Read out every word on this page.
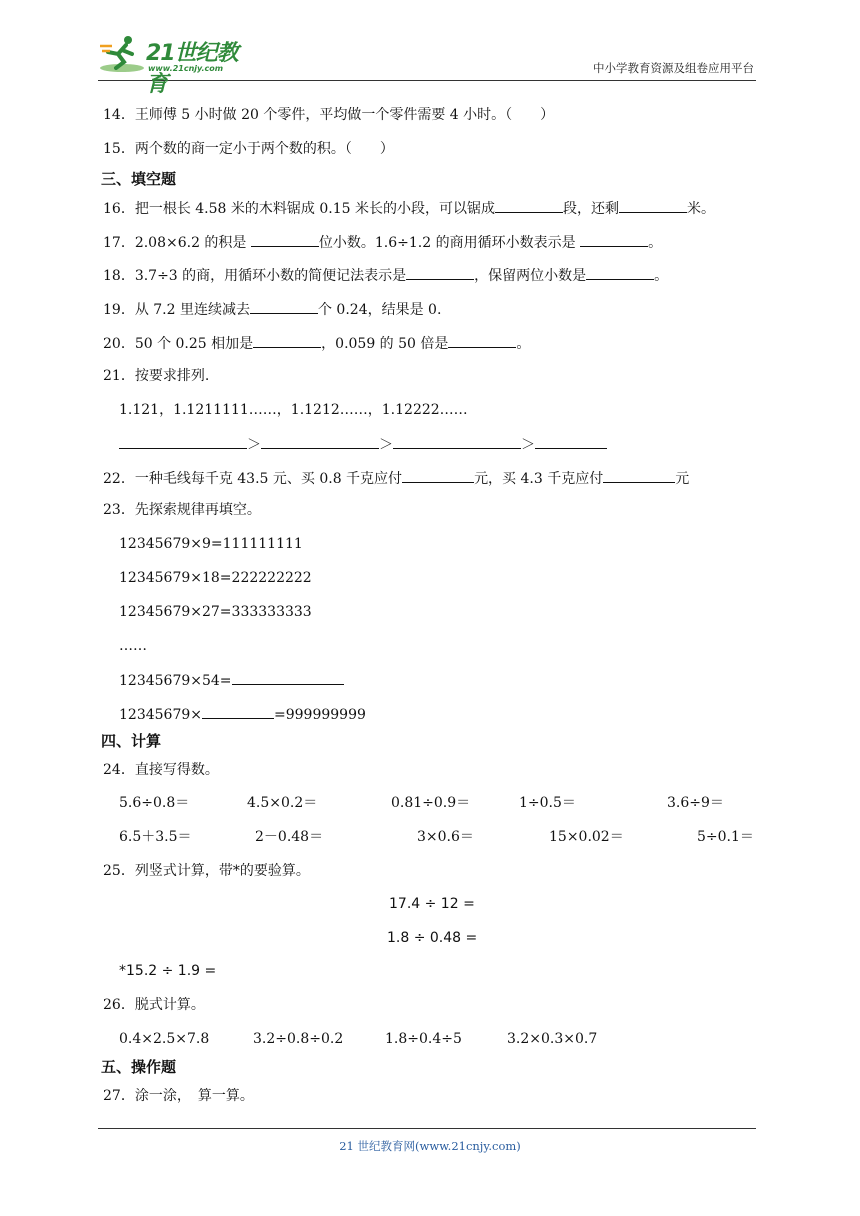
21世纪教育
www.21cnjy.com	中小学教育资源及组卷应用平台
14．王师傅 5 小时做 20 个零件，平均做一个零件需要 4 小时。（　　）
15．两个数的商一定小于两个数的积。（　　）
三、填空题
16．把一根长 4.58 米的木料锯成 0.15 米长的小段，可以锯成	段，还剩	米。
17．2.08×6.2 的积是	位小数。1.6÷1.2 的商用循环小数表示是	。
18．3.7÷3 的商，用循环小数的简便记法表示是	，保留两位小数是	。
19．从 7.2 里连续减去	个 0.24，结果是 0.
20．50 个 0.25 相加是	，0.059 的 50 倍是	。
21．按要求排列.
1.121，1.1211111……，1.1212……，1.12222……
＞	＞	＞
22．一种毛线每千克 43.5 元、买 0.8 千克应付	元，买 4.3 千克应付	元
23．先探索规律再填空。
12345679×9=111111111
12345679×18=222222222
12345679×27=333333333
……
12345679×54=
12345679×	=999999999
四、计算
24．直接写得数。
5.6÷0.8＝	4.5×0.2＝	0.81÷0.9＝	1÷0.5＝	3.6÷9＝
6.5＋3.5＝	2－0.48＝	3×0.6＝	15×0.02＝	5÷0.1＝
25．列竖式计算，带*的要验算。
17.4 ÷ 12 =
1.8 ÷ 0.48 =
*15.2 ÷ 1.9 =
26．脱式计算。
0.4×2.5×7.8	3.2÷0.8÷0.2	1.8÷0.4÷5	3.2×0.3×0.7
五、操作题
27．涂一涂，　算一算。
21 世纪教育网(www.21cnjy.com)
